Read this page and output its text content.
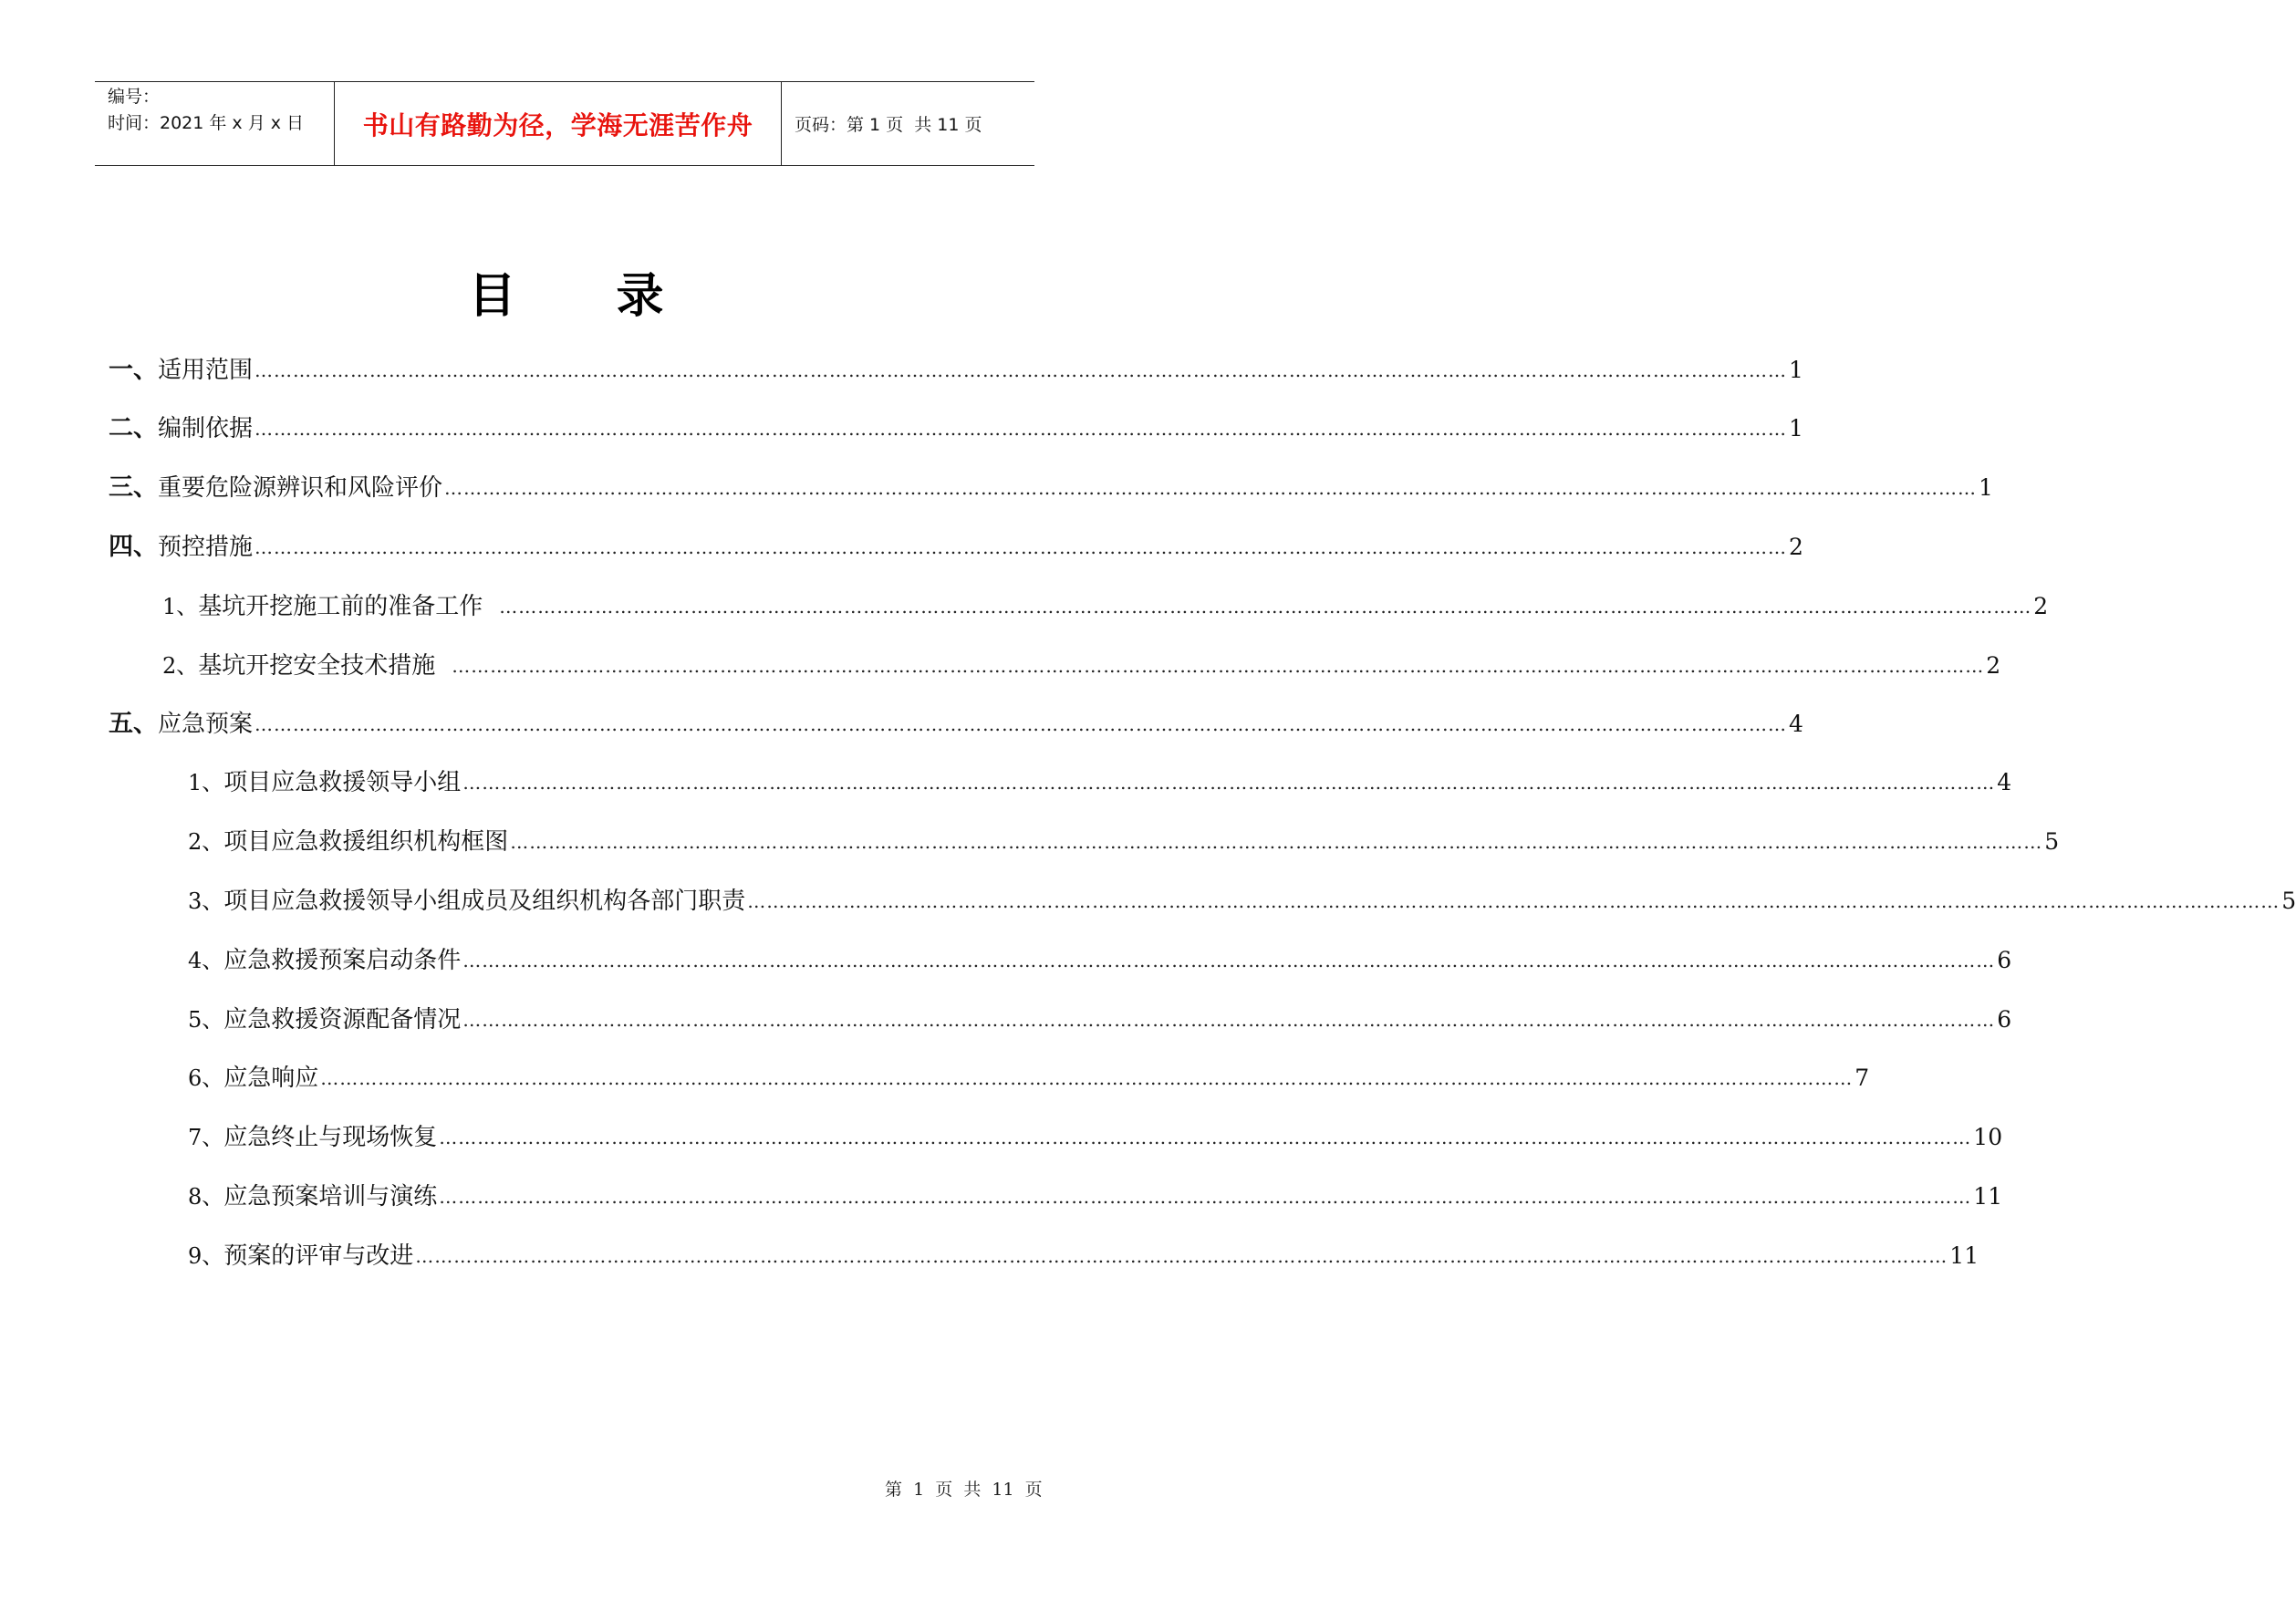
编号：
时间：2021 年 x 月 x 日	书山有路勤为径，学海无涯苦作舟 页码：第 1 页  共 11 页
目 录
一、 适用范围 …………………………………………………………………………………………………………………………………………………………………………………………………………………… 1
二、 编制依据 …………………………………………………………………………………………………………………………………………………………………………………………………………………… 1
三、 重要危险源辨识和风险评价 …………………………………………………………………………………………………………………………………………………………………………………………………………………… 1
四、 预控措施 …………………………………………………………………………………………………………………………………………………………………………………………………………………… 2
1、 基坑开挖施工前的准备工作 …………………………………………………………………………………………………………………………………………………………………………………………………………………… 2
2、 基坑开挖安全技术措施 …………………………………………………………………………………………………………………………………………………………………………………………………………………… 2
五、 应急预案 …………………………………………………………………………………………………………………………………………………………………………………………………………………… 4
1、 项目应急救援领导小组 …………………………………………………………………………………………………………………………………………………………………………………………………………………… 4
2、 项目应急救援组织机构框图 …………………………………………………………………………………………………………………………………………………………………………………………………………………… 5
3、 项目应急救援领导小组成员及组织机构各部门职责 …………………………………………………………………………………………………………………………………………………………………………………………………………………… 5
4、 应急救援预案启动条件 …………………………………………………………………………………………………………………………………………………………………………………………………………………… 6
5、 应急救援资源配备情况 …………………………………………………………………………………………………………………………………………………………………………………………………………………… 6
6、 应急响应 …………………………………………………………………………………………………………………………………………………………………………………………………………………… 7
7、 应急终止与现场恢复 …………………………………………………………………………………………………………………………………………………………………………………………………………………… 10
8、 应急预案培训与演练 …………………………………………………………………………………………………………………………………………………………………………………………………………………… 11
9、 预案的评审与改进 …………………………………………………………………………………………………………………………………………………………………………………………………………………… 11
第  1  页  共  11  页
